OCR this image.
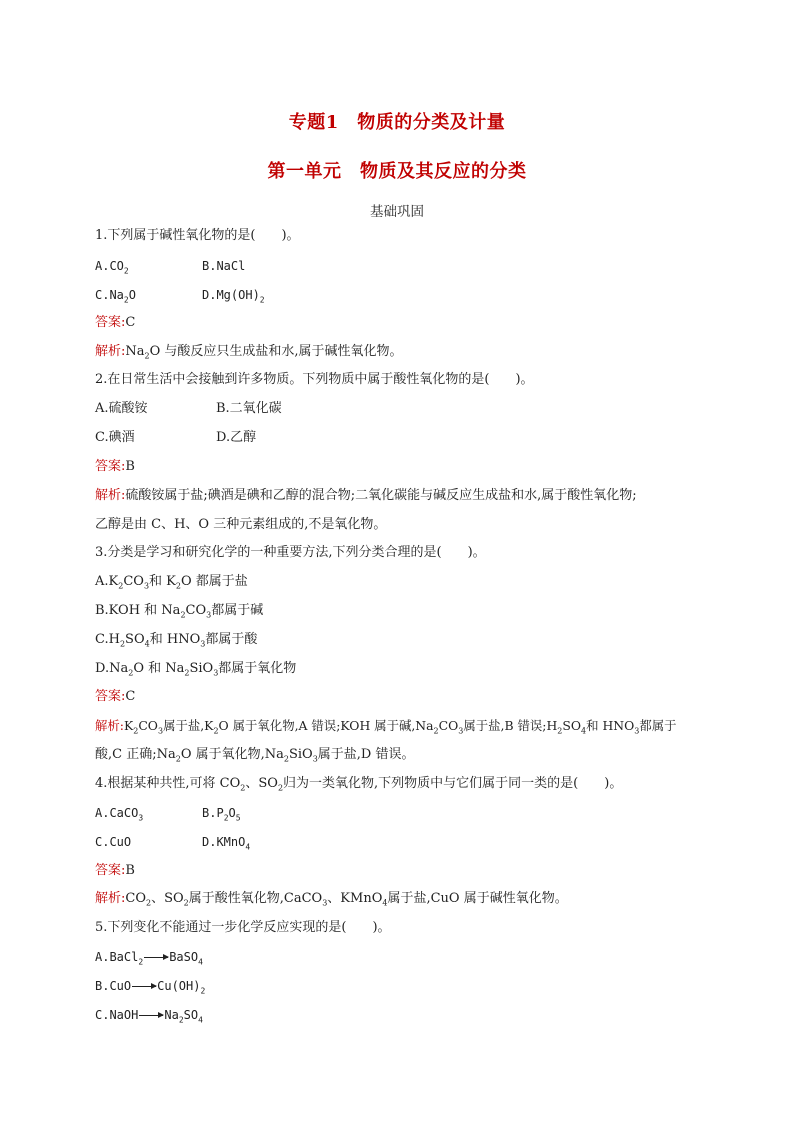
专题1　物质的分类及计量
第一单元　物质及其反应的分类
基础巩固
1.下列属于碱性氧化物的是(　　)。
$A.CO_2$	B.NaCl
$C.Na_2O$	$D.Mg(OH)_2$
答案:C
解析$:Na_2O$ 与酸反应只生成盐和水,属于碱性氧化物。
2.在日常生活中会接触到许多物质。下列物质中属于酸性氧化物的是(　　)。
A.硫酸铵	B.二氧化碳
C.碘酒	D.乙醇
答案:B
解析:硫酸铵属于盐;碘酒是碘和乙醇的混合物;二氧化碳能与碱反应生成盐和水,属于酸性氧化物;
乙醇是由 C、H、O 三种元素组成的,不是氧化物。
3.分类是学习和研究化学的一种重要方法,下列分类合理的是(　　)。
$A.K_2CO_3$和 $K_2O$ 都属于盐
B.KOH 和 $Na_2CO_3$都属于碱
$C.H_2SO_4$和 $HNO_3$都属于酸
$D.Na_2O$ 和 $Na_2SiO_3$都属于氧化物
答案:C
解析$:K_2CO_3$属于盐$,K_2O$ 属于氧化物,A 错误;KOH 属于碱$,Na_2CO_3$属于盐,B 错误$;H_2SO_4$和 $HNO_3$都属于
酸,C 正确$;Na_2O$ 属于氧化物$,Na_2SiO_3$属于盐,D 错误。
4.根据某种共性,可将 $CO_2$、$SO_2$归为一类氧化物,下列物质中与它们属于同一类的是(　　)。
A.CaCO$_3$	$B.P_2O_5$
C.CuO	D.KMnO$_4$
答案:B
解析$:CO_2$、$SO_2$属于酸性氧化物,CaCO$_3$、KMnO$_4$属于盐,CuO 属于碱性氧化物。
5.下列变化不能通过一步化学反应实现的是(　　)。
A.BaCl$_2$→BaSO$_4$
$B.CuO\to Cu(OH)_2$
$C.NaOH\to Na_2SO_4$
